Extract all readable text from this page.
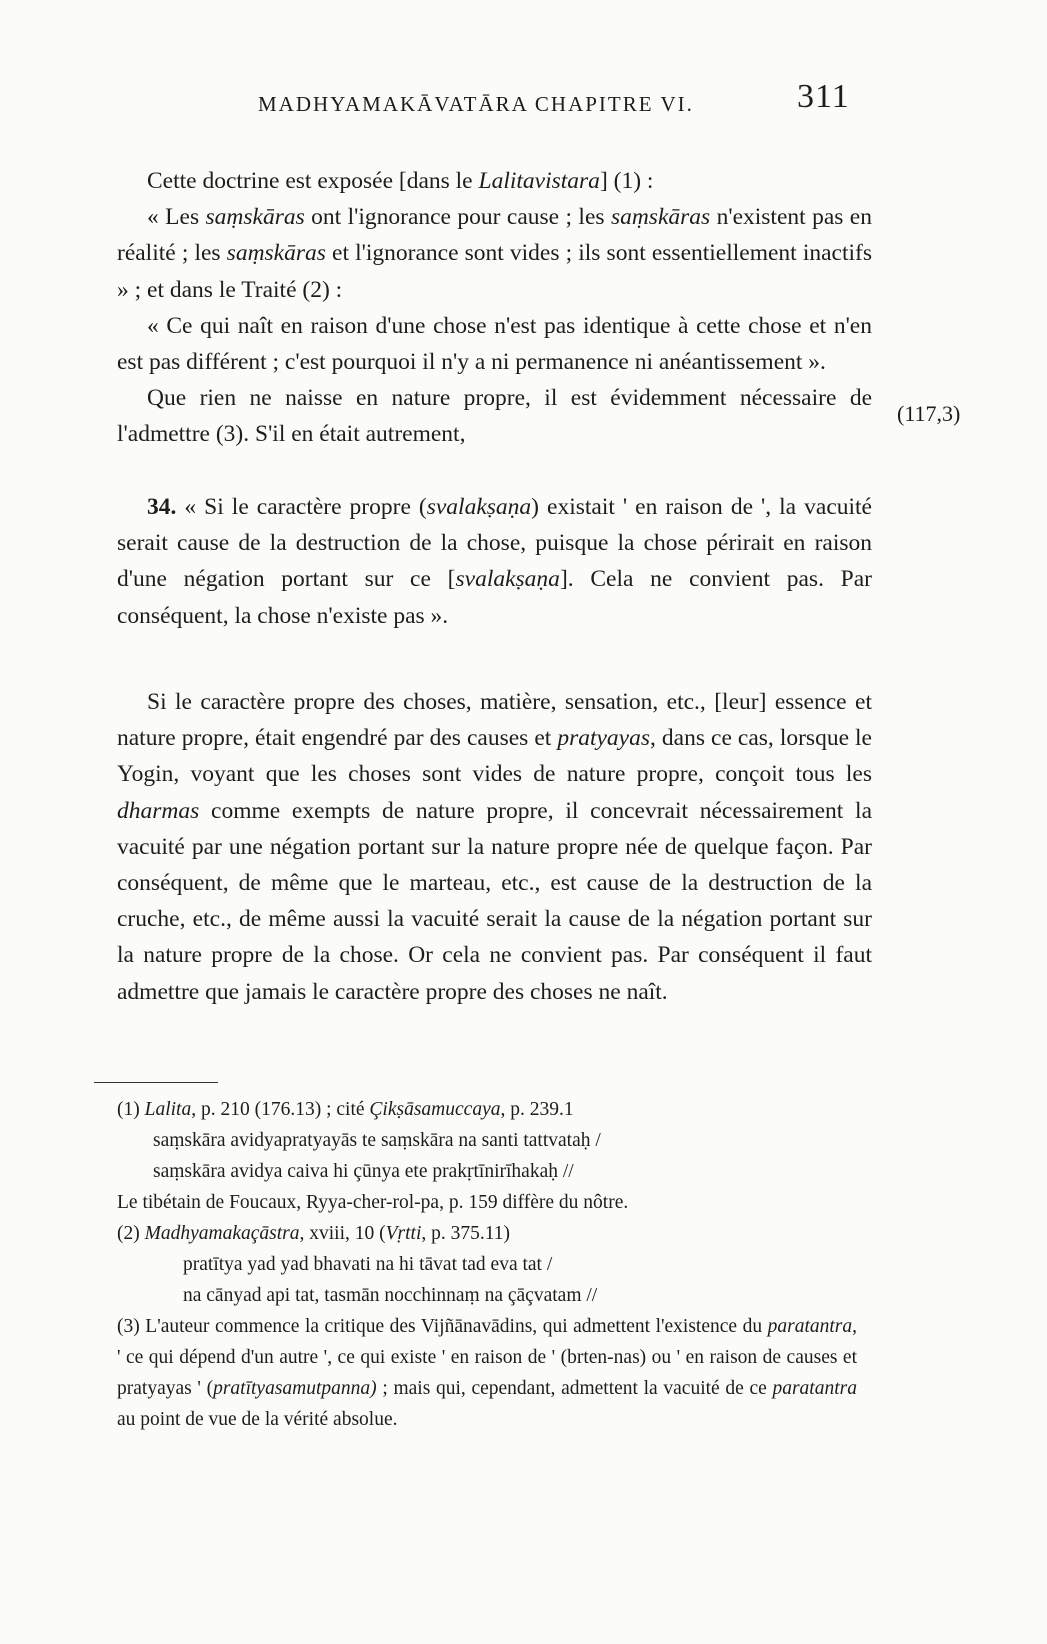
MADHYAMAKĀVATĀRA CHAPITRE VI.	311

Cette doctrine est exposée [dans le Lalitavistara] (1) :

« Les saṃskāras ont l'ignorance pour cause ; les saṃskāras n'existent pas en réalité ; les saṃskāras et l'ignorance sont vides ; ils sont essentiellement inactifs » ; et dans le Traité (2) :

« Ce qui naît en raison d'une chose n'est pas identique à cette chose et n'en est pas différent ; c'est pourquoi il n'y a ni permanence ni anéantissement ».

Que rien ne naisse en nature propre, il est évidemment nécessaire de l'admettre (3). S'il en était autrement,

(117,3)

34. « Si le caractère propre (svalakṣaṇa) existait ' en raison de ', la vacuité serait cause de la destruction de la chose, puisque la chose périrait en raison d'une négation portant sur ce [svalakṣaṇa]. Cela ne convient pas. Par conséquent, la chose n'existe pas ».

Si le caractère propre des choses, matière, sensation, etc., [leur] essence et nature propre, était engendré par des causes et pratyayas, dans ce cas, lorsque le Yogin, voyant que les choses sont vides de nature propre, conçoit tous les dharmas comme exempts de nature propre, il concevrait nécessairement la vacuité par une négation portant sur la nature propre née de quelque façon. Par conséquent, de même que le marteau, etc., est cause de la destruction de la cruche, etc., de même aussi la vacuité serait la cause de la négation portant sur la nature propre de la chose. Or cela ne convient pas. Par conséquent il faut admettre que jamais le caractère propre des choses ne naît.

(1) Lalita, p. 210 (176.13) ; cité Çikṣāsamuccaya, p. 239.1

saṃskāra avidyapratyayās te saṃskāra na santi tattvataḥ /

saṃskāra avidya caiva hi çūnya ete prakṛtīnirīhakaḥ //

Le tibétain de Foucaux, Ryya-cher-rol-pa, p. 159 diffère du nôtre.

(2) Madhyamakaçāstra, xviii, 10 (Vṛtti, p. 375.11)

pratītya yad yad bhavati na hi tāvat tad eva tat /

na cānyad api tat, tasmān nocchinnaṃ na çāçvatam //

(3) L'auteur commence la critique des Vijñānavādins, qui admettent l'existence du paratantra, ' ce qui dépend d'un autre ', ce qui existe ' en raison de ' (brten-nas) ou ' en raison de causes et pratyayas ' (pratītyasamutpanna) ; mais qui, cependant, admettent la vacuité de ce paratantra au point de vue de la vérité absolue.
